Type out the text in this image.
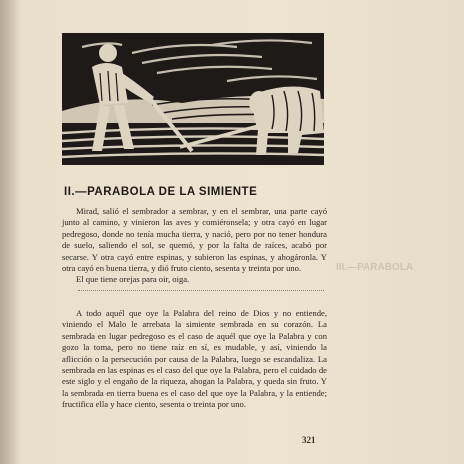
II.—PARABOLA DE LA SIMIENTE

Mirad, salió el sembrador a sembrar, y en el sembrar, una parte cayó junto al camino, y vinieron las aves y comiéronsela; y otra cayó en lugar pedregoso, donde no tenía mucha tierra, y nació, pero por no tener hondura de suelo, saliendo el sol, se quemó, y por la falta de raíces, acabó por secarse. Y otra cayó entre espinas, y subieron las espinas, y ahogáronla. Y otra cayó en buena tierra, y dió fruto ciento, sesenta y treinta por uno.

El que tiene orejas para oir, oiga.

A todo aquél que oye la Palabra del reino de Dios y no entiende, viniendo el Malo le arrebata la simiente sembrada en su corazón. La sembrada en lugar pedregoso es el caso de aquél que oye la Palabra y con gozo la toma, pero no tiene raíz en sí, es mudable, y así, viniendo la aflicción o la persecución por causa de la Palabra, luego se escandaliza. La sembrada en las espinas es el caso del que oye la Palabra, pero el cuidado de este siglo y el engaño de la riqueza, ahogan la Palabra, y queda sin fruto. Y la sembrada en tierra buena es el caso del que oye la Palabra, y la entiende; fructifica ella y hace ciento, sesenta o treinta por uno.

III.—PARABOLA
321
